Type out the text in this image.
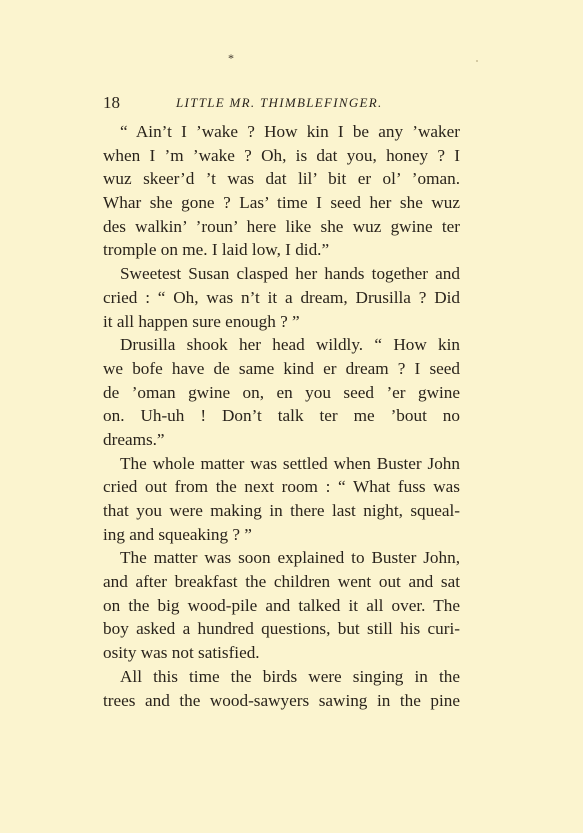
*
18	LITTLE MR. THIMBLEFINGER.
“ Ain’t I ’wake ? How kin I be any ’waker
when I ’m ’wake ? Oh, is dat you, honey ? I
wuz skeer’d ’t was dat lil’ bit er ol’ ’oman.
Whar she gone ? Las’ time I seed her she wuz
des walkin’ ’roun’ here like she wuz gwine ter
tromple on me. I laid low, I did.”
Sweetest Susan clasped her hands together and
cried : “ Oh, was n’t it a dream, Drusilla ? Did
it all happen sure enough ? ”
Drusilla shook her head wildly. “ How kin
we bofe have de same kind er dream ? I seed
de ’oman gwine on, en you seed ’er gwine
on. Uh-uh ! Don’t talk ter me ’bout no
dreams.”
The whole matter was settled when Buster John
cried out from the next room : “ What fuss was
that you were making in there last night, squeal-
ing and squeaking ? ”
The matter was soon explained to Buster John,
and after breakfast the children went out and sat
on the big wood-pile and talked it all over. The
boy asked a hundred questions, but still his curi-
osity was not satisfied.
All this time the birds were singing in the
trees and the wood-sawyers sawing in the pine
